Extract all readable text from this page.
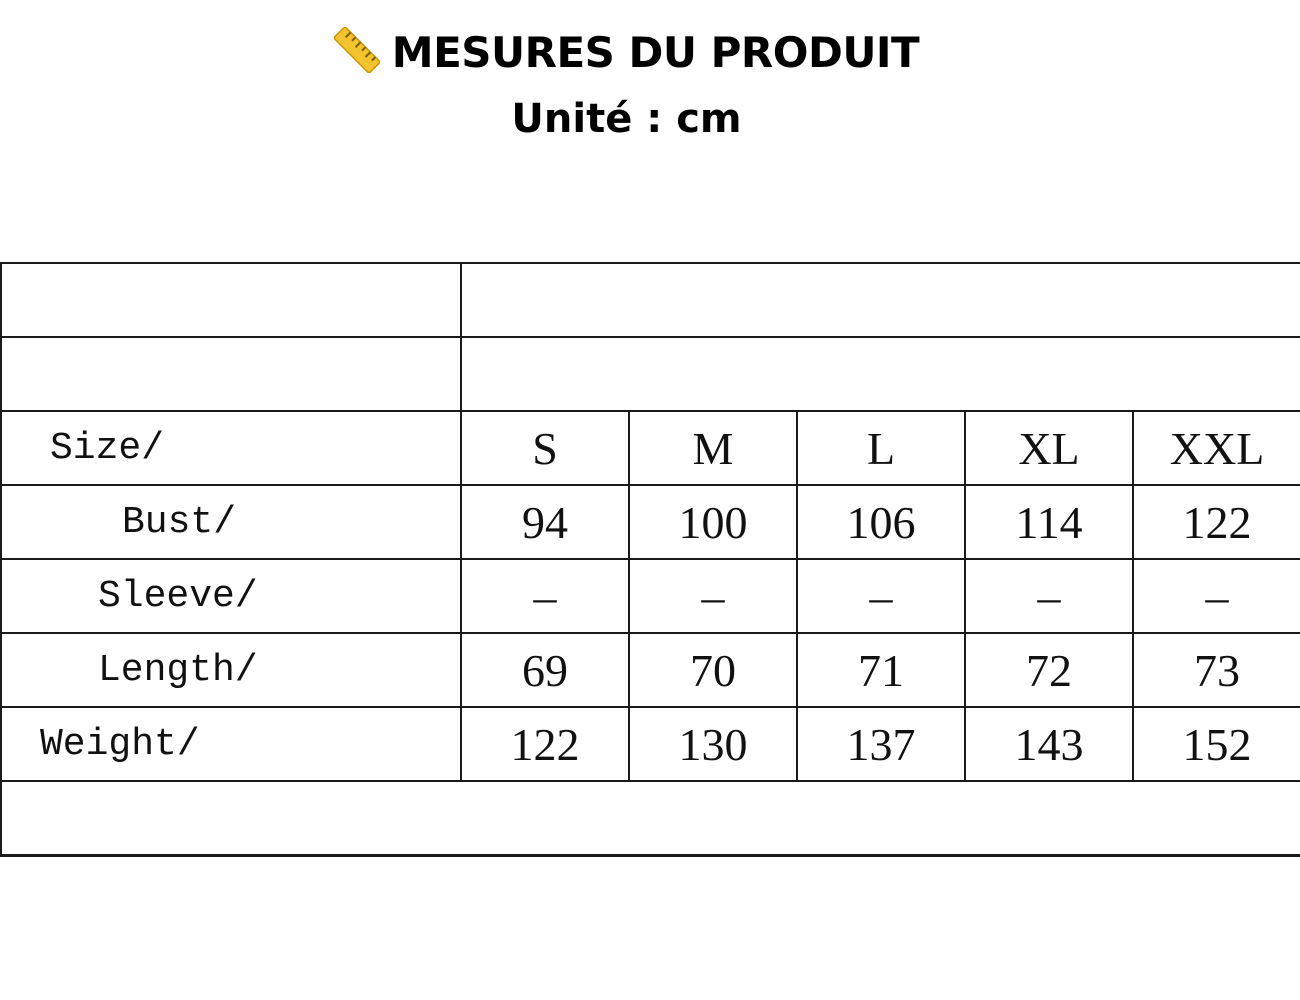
MESURES DU PRODUIT
Unité : cm

Size/	S	M	L	XL	XXL
Bust/	94	100	106	114	122
Sleeve/	–	–	–	–	–
Length/	69	70	71	72	73
Weight/	122	130	137	143	152
